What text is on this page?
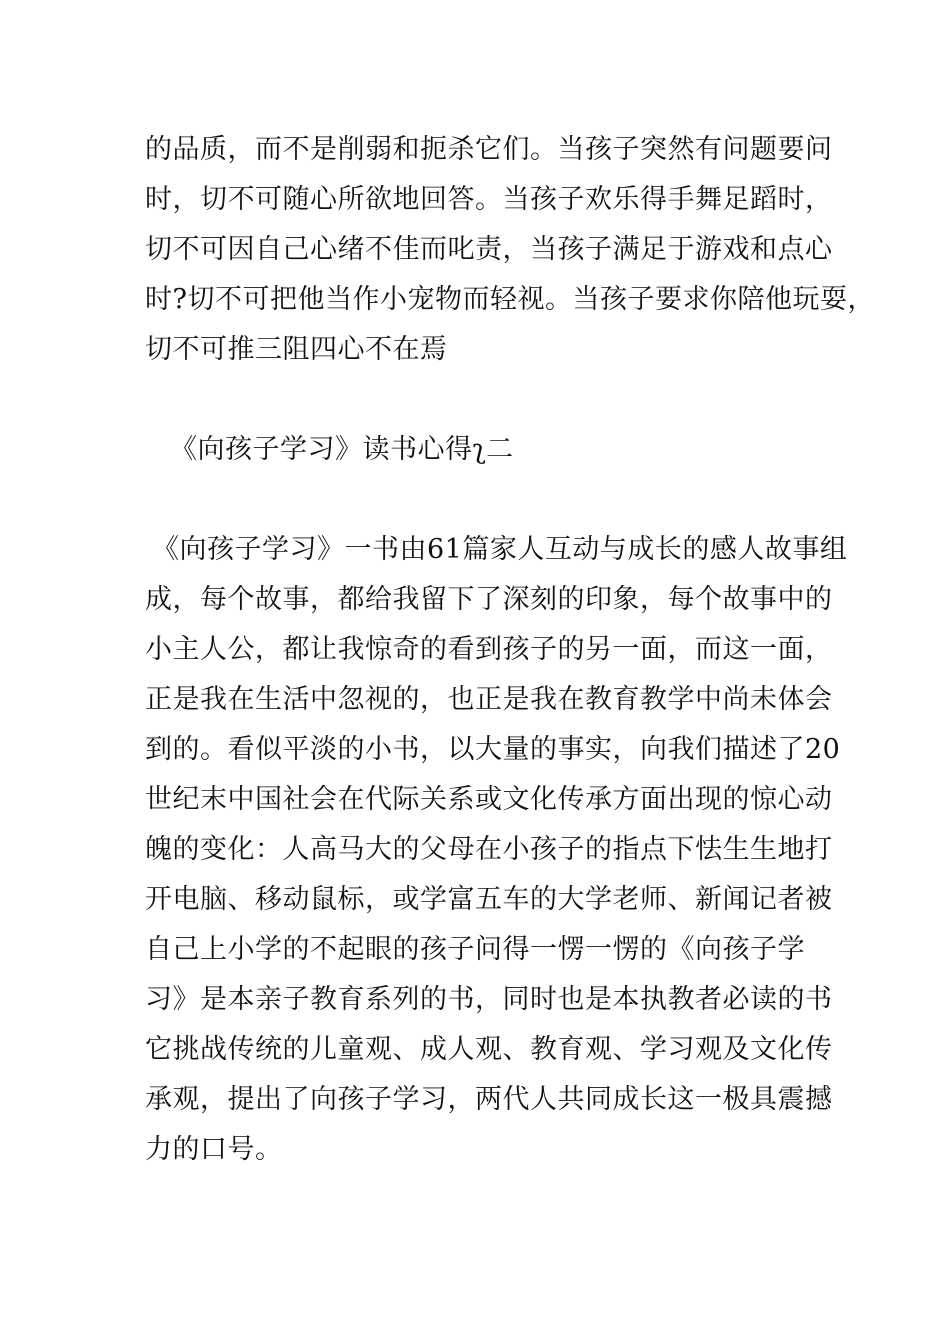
的品质，而不是削弱和扼杀它们。当孩子突然有问题要问
时，切不可随心所欲地回答。当孩子欢乐得手舞足蹈时，
切不可因自己心绪不佳而叱责，当孩子满足于游戏和点心
时?切不可把他当作小宠物而轻视。当孩子要求你陪他玩耍，
切不可推三阻四心不在焉
《向孩子学习》读书心得ʅ二
《向孩子学习》一书由61篇家人互动与成长的感人故事组
成，每个故事，都给我留下了深刻的印象，每个故事中的
小主人公，都让我惊奇的看到孩子的另一面，而这一面，
正是我在生活中忽视的，也正是我在教育教学中尚未体会
到的。看似平淡的小书，以大量的事实，向我们描述了20
世纪末中国社会在代际关系或文化传承方面出现的惊心动
魄的变化：人高马大的父母在小孩子的指点下怯生生地打
开电脑、移动鼠标，或学富五车的大学老师、新闻记者被
自己上小学的不起眼的孩子问得一愣一愣的《向孩子学
习》是本亲子教育系列的书，同时也是本执教者必读的书
它挑战传统的儿童观、成人观、教育观、学习观及文化传
承观，提出了向孩子学习，两代人共同成长这一极具震撼
力的口号。
